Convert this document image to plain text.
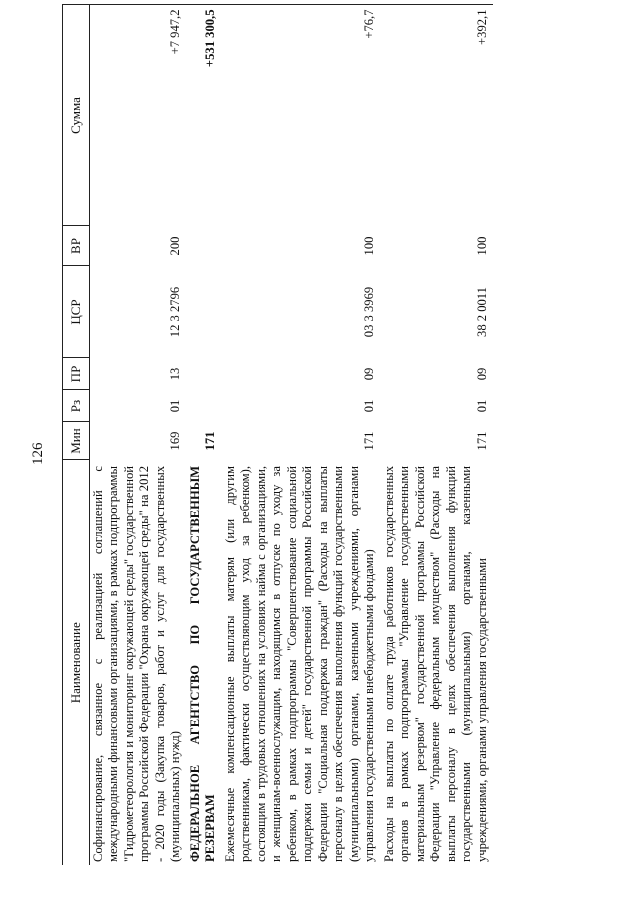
126
Наименование	Мин	Рз	ПР	ЦСР	ВР	Сумма
Софинансирование, связанное с реализацией соглашений с международными финансовыми организациями, в рамках подпрограммы "Гидрометеорология и мониторинг окружающей среды" государственной программы Российской Федерации "Охрана окружающей среды" на 2012 - 2020 годы (Закупка товаров, работ и услуг для государственных (муниципальных) нужд)	169	01	13	12 3 2796	200	+7 947,2
ФЕДЕРАЛЬНОЕ АГЕНТСТВО ПО ГОСУДАРСТВЕННЫМ РЕЗЕРВАМ	171					+531 300,5
Ежемесячные компенсационные выплаты матерям (или другим родственникам, фактически осуществляющим уход за ребенком), состоящим в трудовых отношениях на условиях найма с организациями, и женщинам-военнослужащим, находящимся в отпуске по уходу за ребенком, в рамках подпрограммы "Совершенствование социальной поддержки семьи и детей" государственной программы Российской Федерации "Социальная поддержка граждан" (Расходы на выплаты персоналу в целях обеспечения выполнения функций государственными (муниципальными) органами, казенными учреждениями, органами управления государственными внебюджетными фондами)	171	01	09	03 3 3969	100	+76,7
Расходы на выплаты по оплате труда работников государственных органов в рамках подпрограммы "Управление государственными материальным резервом" государственной программы Российской Федерации "Управление федеральным имуществом" (Расходы на выплаты персоналу в целях обеспечения выполнения функций государственными (муниципальными) органами, казенными учреждениями, органами управления государственными	171	01	09	38 2 0011	100	+392,1
